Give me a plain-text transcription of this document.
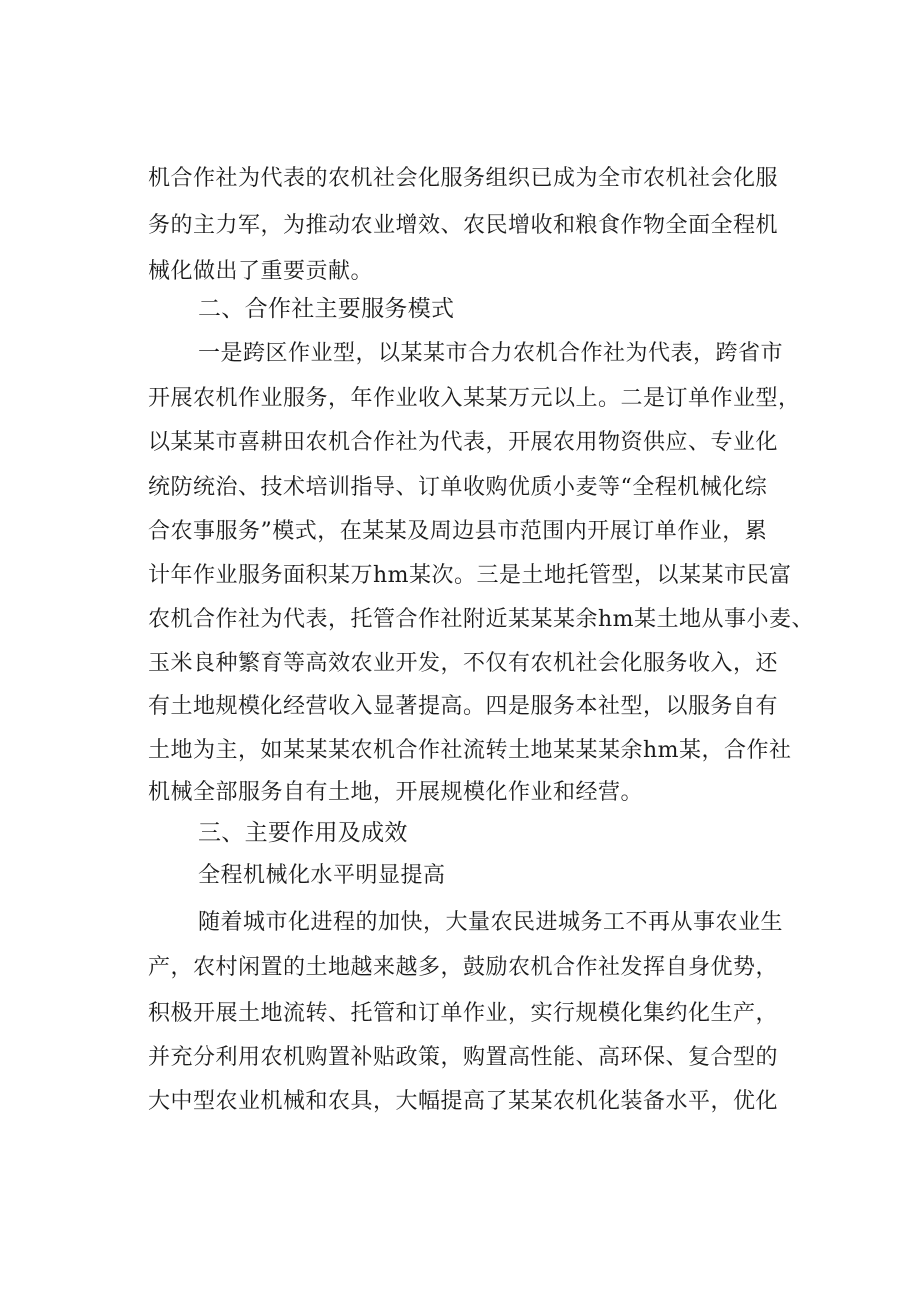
机合作社为代表的农机社会化服务组织已成为全市农机社会化服
务的主力军，为推动农业增效、农民增收和粮食作物全面全程机
械化做出了重要贡献。
二、合作社主要服务模式
一是跨区作业型，以某某市合力农机合作社为代表，跨省市
开展农机作业服务，年作业收入某某万元以上。二是订单作业型，
以某某市喜耕田农机合作社为代表，开展农用物资供应、专业化
统防统治、技术培训指导、订单收购优质小麦等“全程机械化综
合农事服务”模式，在某某及周边县市范围内开展订单作业，累
计年作业服务面积某万hm某次。三是土地托管型，以某某市民富
农机合作社为代表，托管合作社附近某某某余hm某土地从事小麦、
玉米良种繁育等高效农业开发，不仅有农机社会化服务收入，还
有土地规模化经营收入显著提高。四是服务本社型，以服务自有
土地为主，如某某某农机合作社流转土地某某某余hm某，合作社
机械全部服务自有土地，开展规模化作业和经营。
三、主要作用及成效
全程机械化水平明显提高
随着城市化进程的加快，大量农民进城务工不再从事农业生
产，农村闲置的土地越来越多，鼓励农机合作社发挥自身优势，
积极开展土地流转、托管和订单作业，实行规模化集约化生产，
并充分利用农机购置补贴政策，购置高性能、高环保、复合型的
大中型农业机械和农具，大幅提高了某某农机化装备水平，优化
